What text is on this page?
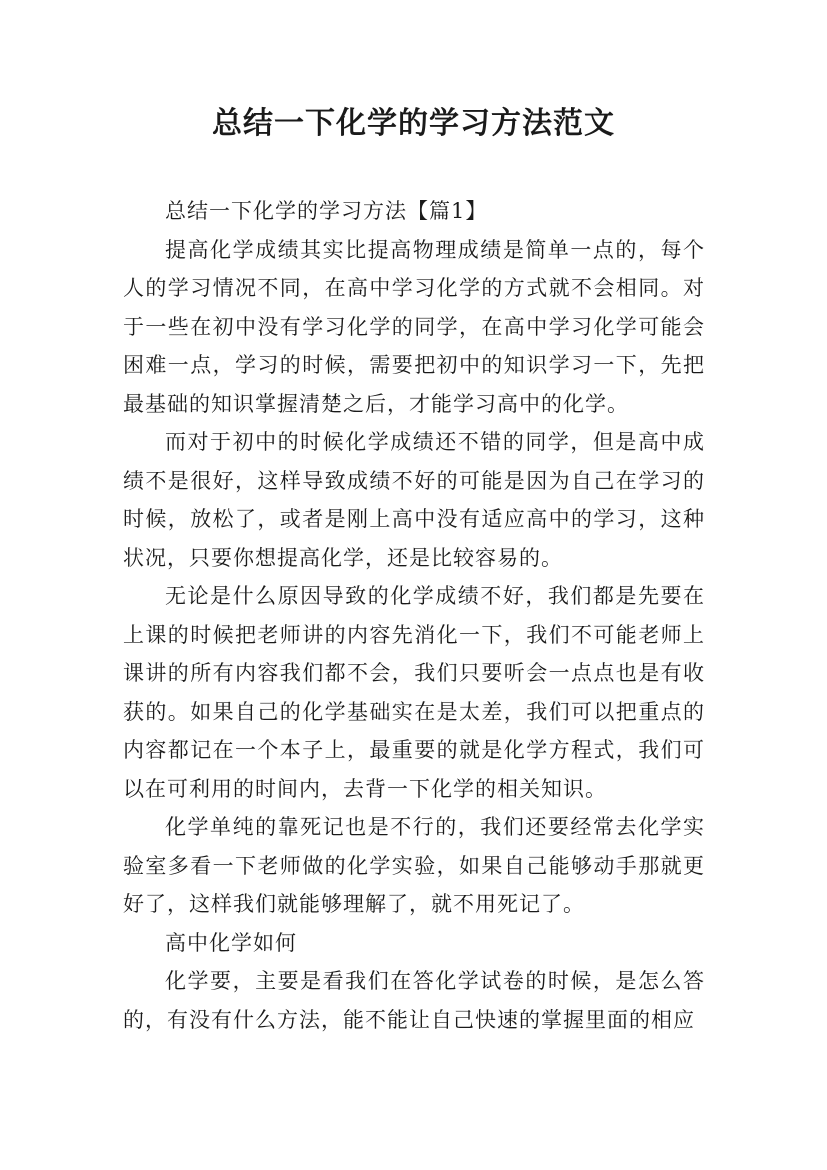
总结一下化学的学习方法范文

总结一下化学的学习方法【篇1】

提高化学成绩其实比提高物理成绩是简单一点的，每个人的学习情况不同，在高中学习化学的方式就不会相同。对于一些在初中没有学习化学的同学，在高中学习化学可能会困难一点，学习的时候，需要把初中的知识学习一下，先把最基础的知识掌握清楚之后，才能学习高中的化学。

而对于初中的时候化学成绩还不错的同学，但是高中成绩不是很好，这样导致成绩不好的可能是因为自己在学习的时候，放松了，或者是刚上高中没有适应高中的学习，这种状况，只要你想提高化学，还是比较容易的。

无论是什么原因导致的化学成绩不好，我们都是先要在上课的时候把老师讲的内容先消化一下，我们不可能老师上课讲的所有内容我们都不会，我们只要听会一点点也是有收获的。如果自己的化学基础实在是太差，我们可以把重点的内容都记在一个本子上，最重要的就是化学方程式，我们可以在可利用的时间内，去背一下化学的相关知识。

化学单纯的靠死记也是不行的，我们还要经常去化学实验室多看一下老师做的化学实验，如果自己能够动手那就更好了，这样我们就能够理解了，就不用死记了。

高中化学如何

化学要，主要是看我们在答化学试卷的时候，是怎么答的，有没有什么方法，能不能让自己快速的掌握里面的相应
